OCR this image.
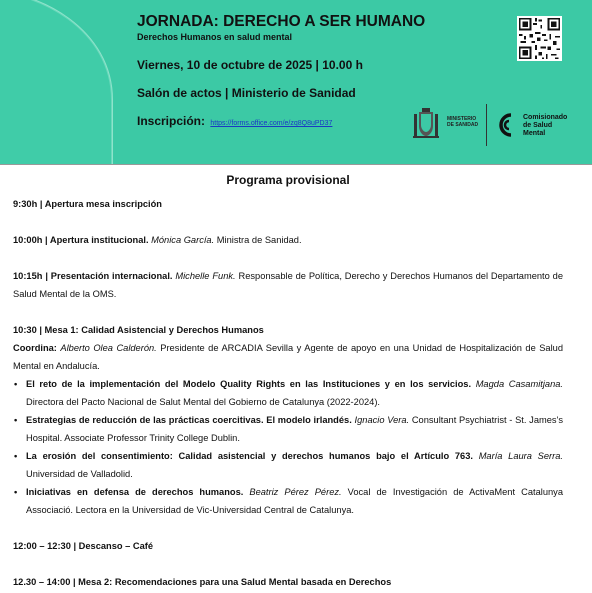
JORNADA: DERECHO A SER HUMANO
Derechos Humanos en salud mental
Viernes, 10 de octubre de 2025 | 10.00 h
Salón de actos | Ministerio de Sanidad
Inscripción: https://forms.office.com/e/zq8Q8uPD37
MINISTERIO
DE SANIDAD
Comisionado
de Salud
Mental

Programa provisional

9:30h | Apertura mesa inscripción

10:00h | Apertura institucional. Mónica García. Ministra de Sanidad.

10:15h | Presentación internacional. Michelle Funk. Responsable de Política, Derecho y Derechos Humanos del Departamento de Salud Mental de la OMS.

10:30 | Mesa 1: Calidad Asistencial y Derechos Humanos

Coordina: Alberto Olea Calderón. Presidente de ARCADIA Sevilla y Agente de apoyo en una Unidad de Hospitalización de Salud Mental en Andalucía.

• El reto de la implementación del Modelo Quality Rights en las Instituciones y en los servicios. Magda Casamitjana. Directora del Pacto Nacional de Salut Mental del Gobierno de Catalunya (2022-2024).
• Estrategias de reducción de las prácticas coercitivas. El modelo irlandés. Ignacio Vera. Consultant Psychiatrist - St. James's Hospital. Associate Professor Trinity College Dublin.
• La erosión del consentimiento: Calidad asistencial y derechos humanos bajo el Artículo 763. María Laura Serra. Universidad de Valladolid.
• Iniciativas en defensa de derechos humanos. Beatriz Pérez Pérez. Vocal de Investigación de ActivaMent Catalunya Associació. Lectora en la Universidad de Vic-Universidad Central de Catalunya.

12:00 – 12:30 | Descanso – Café

12.30 – 14:00 | Mesa 2: Recomendaciones para una Salud Mental basada en Derechos
